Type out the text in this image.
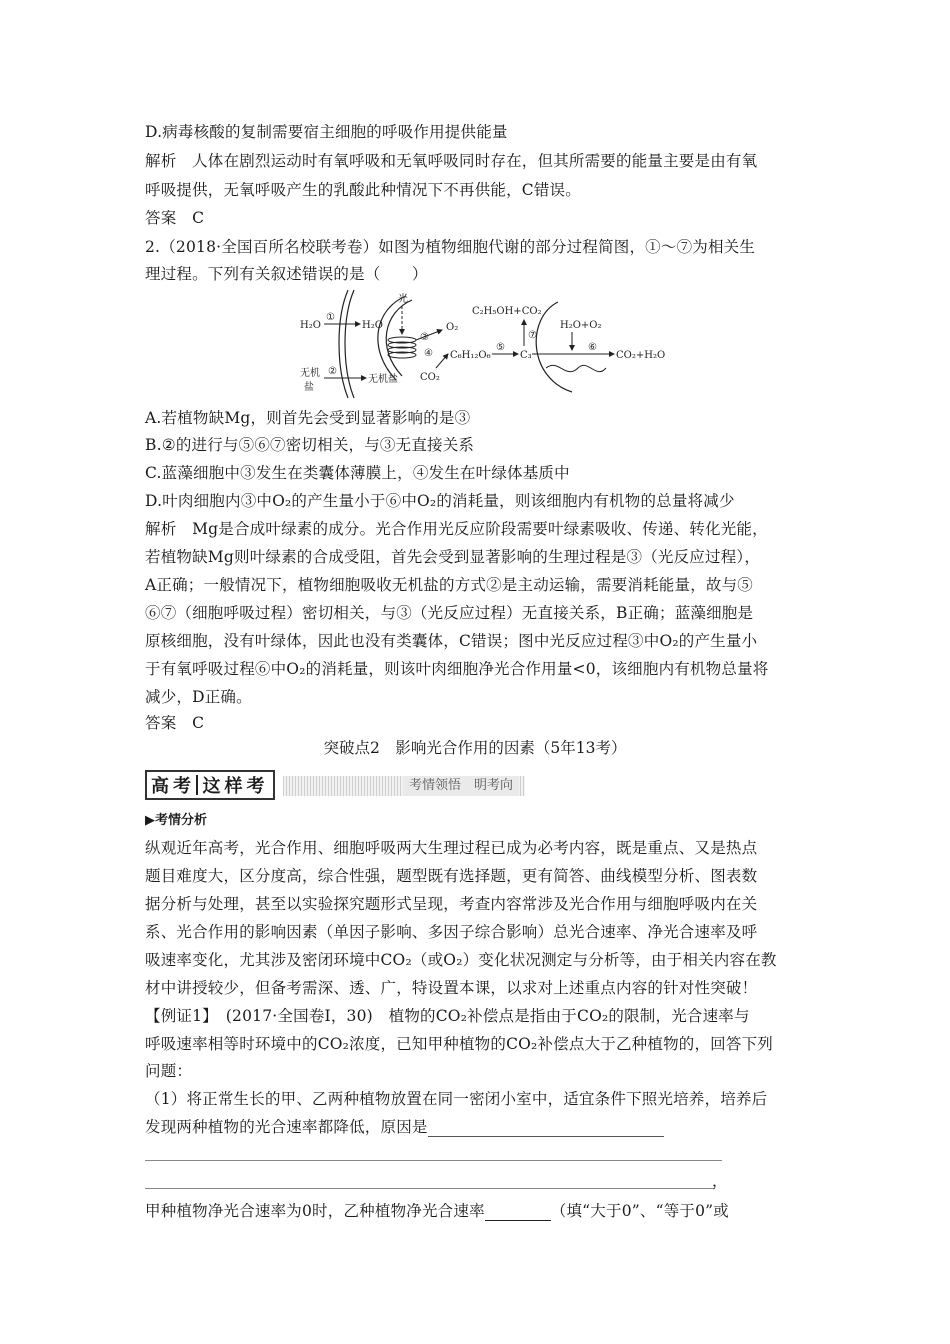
D.病毒核酸的复制需要宿主细胞的呼吸作用提供能量
解析　人体在剧烈运动时有氧呼吸和无氧呼吸同时存在，但其所需要的能量主要是由有氧
呼吸提供，无氧呼吸产生的乳酸此种情况下不再供能，C错误。
答案　C
2.（2018·全国百所名校联考卷）如图为植物细胞代谢的部分过程简图，①～⑦为相关生
理过程。下列有关叙述错误的是（　　）
光
H₂O
①
H₂O
③
O₂
CO₂
④ C₆H₁₂O₆
⑤
C₃
⑦
C₂H₅OH+CO₂
H₂O+O₂
⑥
CO₂+H₂O
无机
盐
②
无机盐
A.若植物缺Mg，则首先会受到显著影响的是③
B.②的进行与⑤⑥⑦密切相关，与③无直接关系
C.蓝藻细胞中③发生在类囊体薄膜上，④发生在叶绿体基质中
D.叶肉细胞内③中O₂的产生量小于⑥中O₂的消耗量，则该细胞内有机物的总量将减少
解析　Mg是合成叶绿素的成分。光合作用光反应阶段需要叶绿素吸收、传递、转化光能，
若植物缺Mg则叶绿素的合成受阻，首先会受到显著影响的生理过程是③（光反应过程），
A正确；一般情况下，植物细胞吸收无机盐的方式②是主动运输，需要消耗能量，故与⑤
⑥⑦（细胞呼吸过程）密切相关，与③（光反应过程）无直接关系，B正确；蓝藻细胞是
原核细胞，没有叶绿体，因此也没有类囊体，C错误；图中光反应过程③中O₂的产生量小
于有氧呼吸过程⑥中O₂的消耗量，则该叶肉细胞净光合作用量<0，该细胞内有机物总量将
减少，D正确。
答案　C
突破点2　影响光合作用的因素（5年13考）
高 考 这 样 考	考情领悟　明考向
▶考情分析
纵观近年高考，光合作用、细胞呼吸两大生理过程已成为必考内容，既是重点、又是热点
题目难度大，区分度高，综合性强，题型既有选择题，更有简答、曲线模型分析、图表数
据分析与处理，甚至以实验探究题形式呈现，考查内容常涉及光合作用与细胞呼吸内在关
系、光合作用的影响因素（单因子影响、多因子综合影响）总光合速率、净光合速率及呼
吸速率变化，尤其涉及密闭环境中CO₂（或O₂）变化状况测定与分析等，由于相关内容在教
材中讲授较少，但备考需深、透、广，特设置本课，以求对上述重点内容的针对性突破！
【例证1】　(2017·全国卷Ⅰ，30)　植物的CO₂补偿点是指由于CO₂的限制，光合速率与
呼吸速率相等时环境中的CO₂浓度，已知甲种植物的CO₂补偿点大于乙种植物的，回答下列
问题：
（1）将正常生长的甲、乙两种植物放置在同一密闭小室中，适宜条件下照光培养，培养后
发现两种植物的光合速率都降低，原因是
，
甲种植物净光合速率为0时，乙种植物净光合速率	（填“大于0”、“等于0”或
